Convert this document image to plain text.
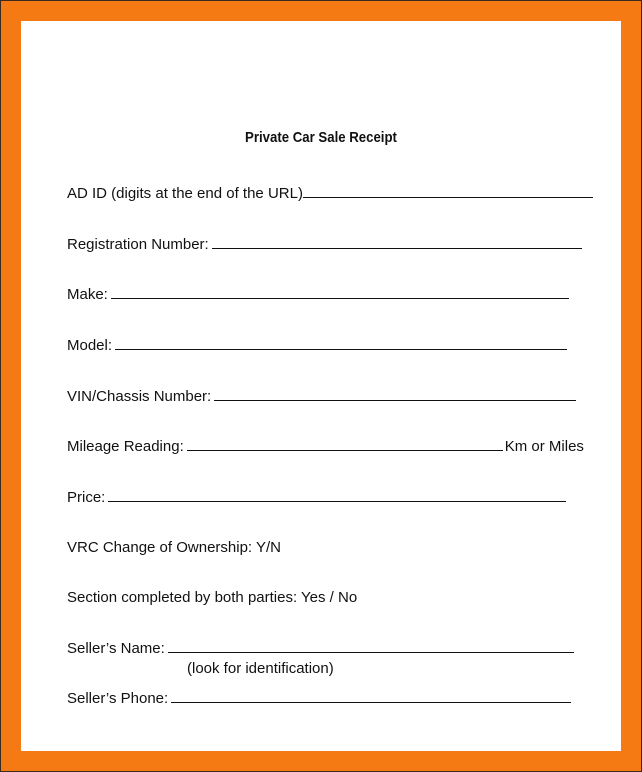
Private Car Sale Receipt
AD ID (digits at the end of the URL)
Registration Number:
Make:
Model:
VIN/Chassis Number:
Mileage Reading:	Km or Miles
Price:
VRC Change of Ownership: Y/N
Section completed by both parties: Yes / No
Seller’s Name:
(look for identification)
Seller’s Phone:
